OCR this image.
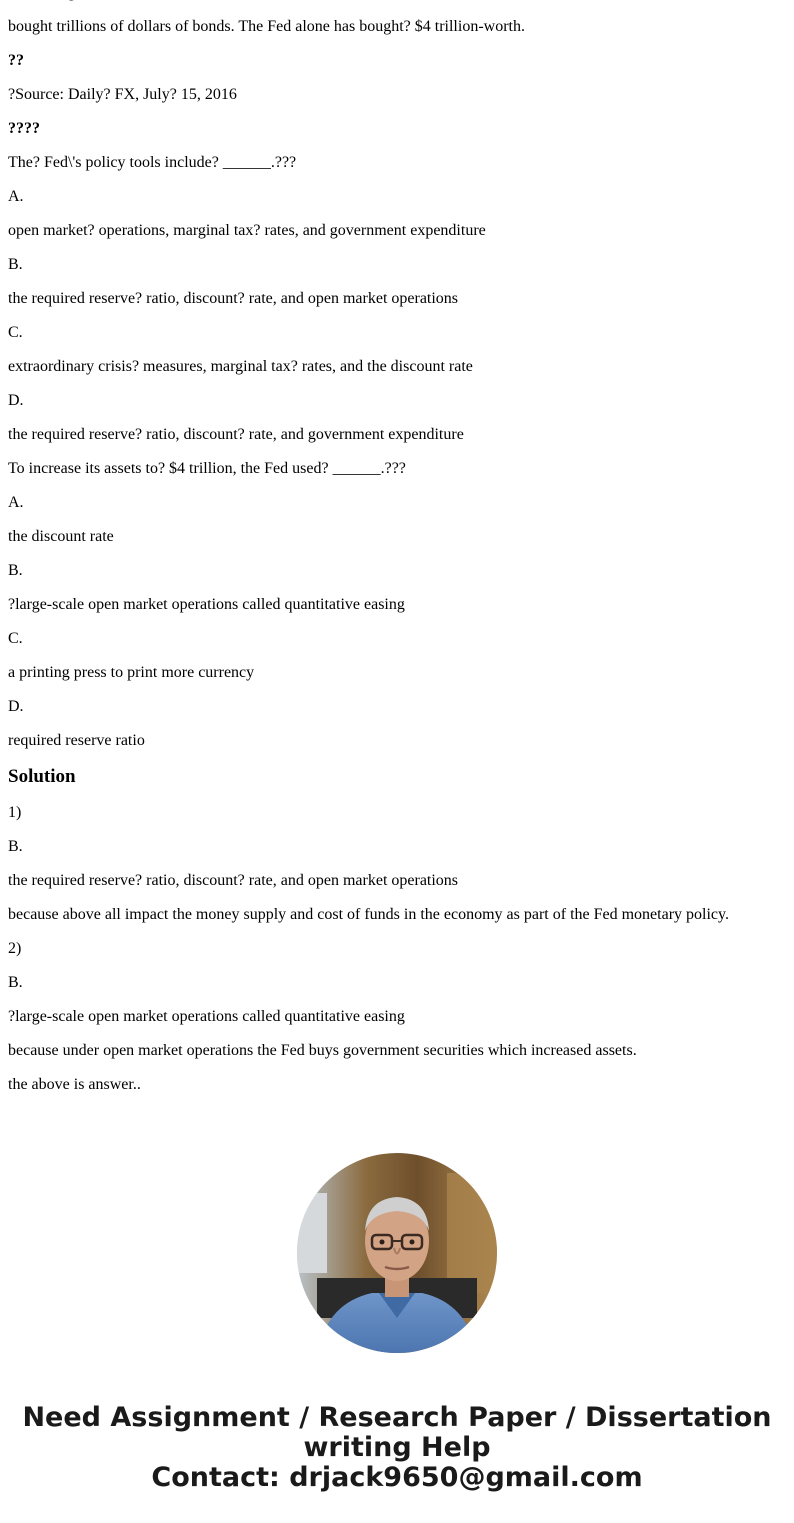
bought trillions of dollars of bonds. The Fed alone has bought? $4 trillion-worth.

??

?Source: Daily? FX, July? 15, 2016

????

The? Fed\'s policy tools include? ______.???

A.

open market? operations, marginal tax? rates, and government expenditure

B.

the required reserve? ratio, discount? rate, and open market operations

C.

extraordinary crisis? measures, marginal tax? rates, and the discount rate

D.

the required reserve? ratio, discount? rate, and government expenditure

To increase its assets to? $4 trillion, the Fed used? ______.???

A.

the discount rate

B.

?large-scale open market operations called quantitative easing

C.

a printing press to print more currency

D.

required reserve ratio

Solution

1)

B.

the required reserve? ratio, discount? rate, and open market operations

because above all impact the money supply and cost of funds in the economy as part of the Fed monetary policy.

2)

B.

?large-scale open market operations called quantitative easing

because under open market operations the Fed buys government securities which increased assets.

the above is answer..

Need Assignment / Research Paper / Dissertation
writing Help
Contact: drjack9650@gmail.com
